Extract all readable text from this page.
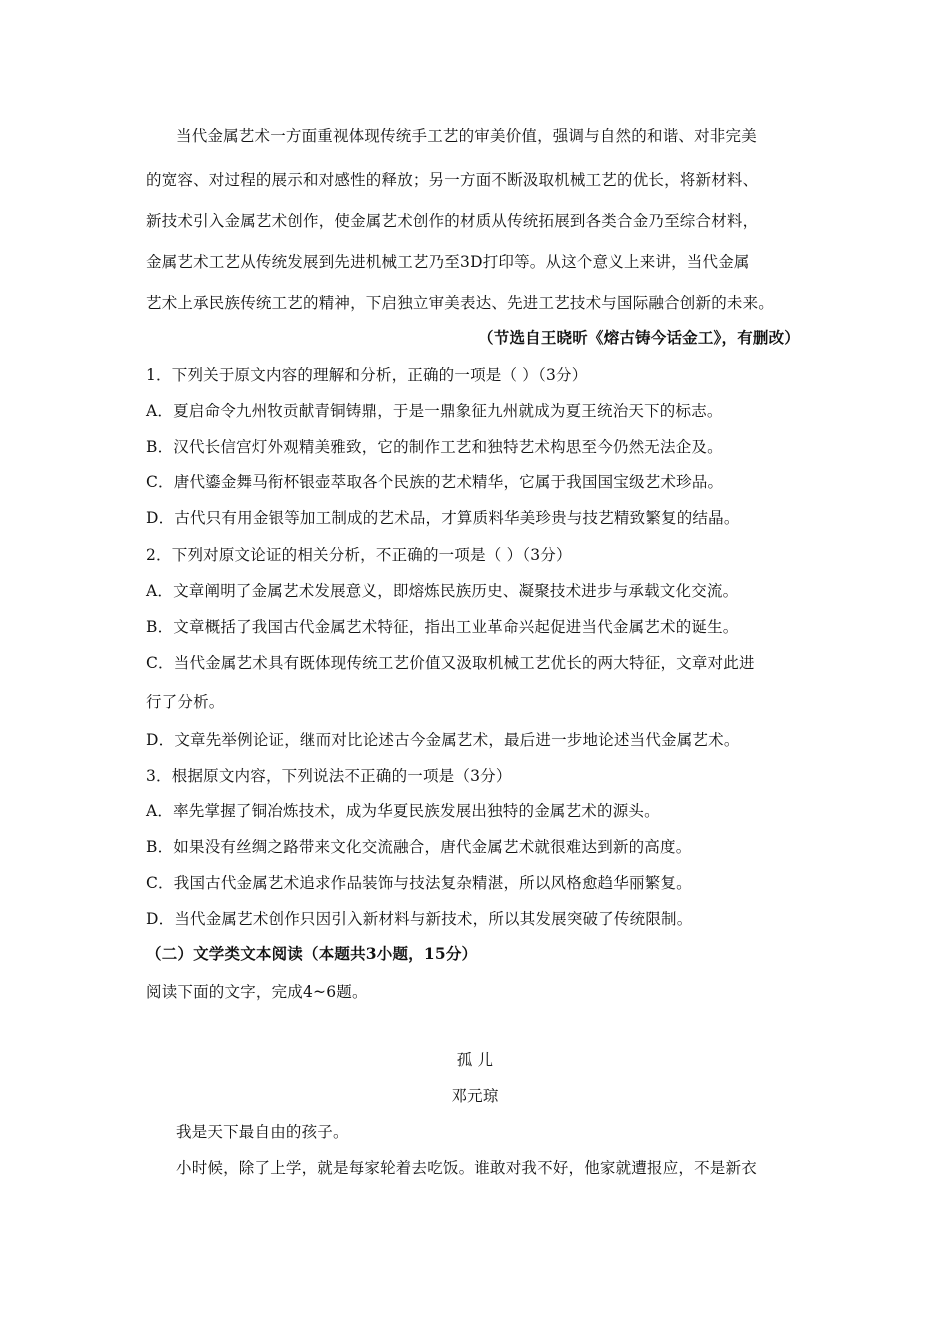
当代金属艺术一方面重视体现传统手工艺的审美价值，强调与自然的和谐、对非完美
的宽容、对过程的展示和对感性的释放；另一方面不断汲取机械工艺的优长，将新材料、
新技术引入金属艺术创作，使金属艺术创作的材质从传统拓展到各类合金乃至综合材料，
金属艺术工艺从传统发展到先进机械工艺乃至3D打印等。从这个意义上来讲，当代金属
艺术上承民族传统工艺的精神，下启独立审美表达、先进工艺技术与国际融合创新的未来。
（节选自王晓昕《熔古铸今话金工》，有删改）
1．下列关于原文内容的理解和分析，正确的一项是（ ）（3分）
A．夏启命令九州牧贡献青铜铸鼎，于是一鼎象征九州就成为夏王统治天下的标志。
B．汉代长信宫灯外观精美雅致，它的制作工艺和独特艺术构思至今仍然无法企及。
C．唐代鎏金舞马衔杯银壶萃取各个民族的艺术精华，它属于我国国宝级艺术珍品。
D．古代只有用金银等加工制成的艺术品，才算质料华美珍贵与技艺精致繁复的结晶。
2．下列对原文论证的相关分析，不正确的一项是（ ）（3分）
A．文章阐明了金属艺术发展意义，即熔炼民族历史、凝聚技术进步与承载文化交流。
B．文章概括了我国古代金属艺术特征，指出工业革命兴起促进当代金属艺术的诞生。
C．当代金属艺术具有既体现传统工艺价值又汲取机械工艺优长的两大特征，文章对此进
行了分析。
D．文章先举例论证，继而对比论述古今金属艺术，最后进一步地论述当代金属艺术。
3．根据原文内容，下列说法不正确的一项是（3分）
A．率先掌握了铜冶炼技术，成为华夏民族发展出独特的金属艺术的源头。
B．如果没有丝绸之路带来文化交流融合，唐代金属艺术就很难达到新的高度。
C．我国古代金属艺术追求作品装饰与技法复杂精湛，所以风格愈趋华丽繁复。
D．当代金属艺术创作只因引入新材料与新技术，所以其发展突破了传统限制。
（二）文学类文本阅读（本题共3小题，15分）
阅读下面的文字，完成4~6题。
孤 儿
邓元琼
我是天下最自由的孩子。
小时候，除了上学，就是每家轮着去吃饭。谁敢对我不好，他家就遭报应，不是新衣
